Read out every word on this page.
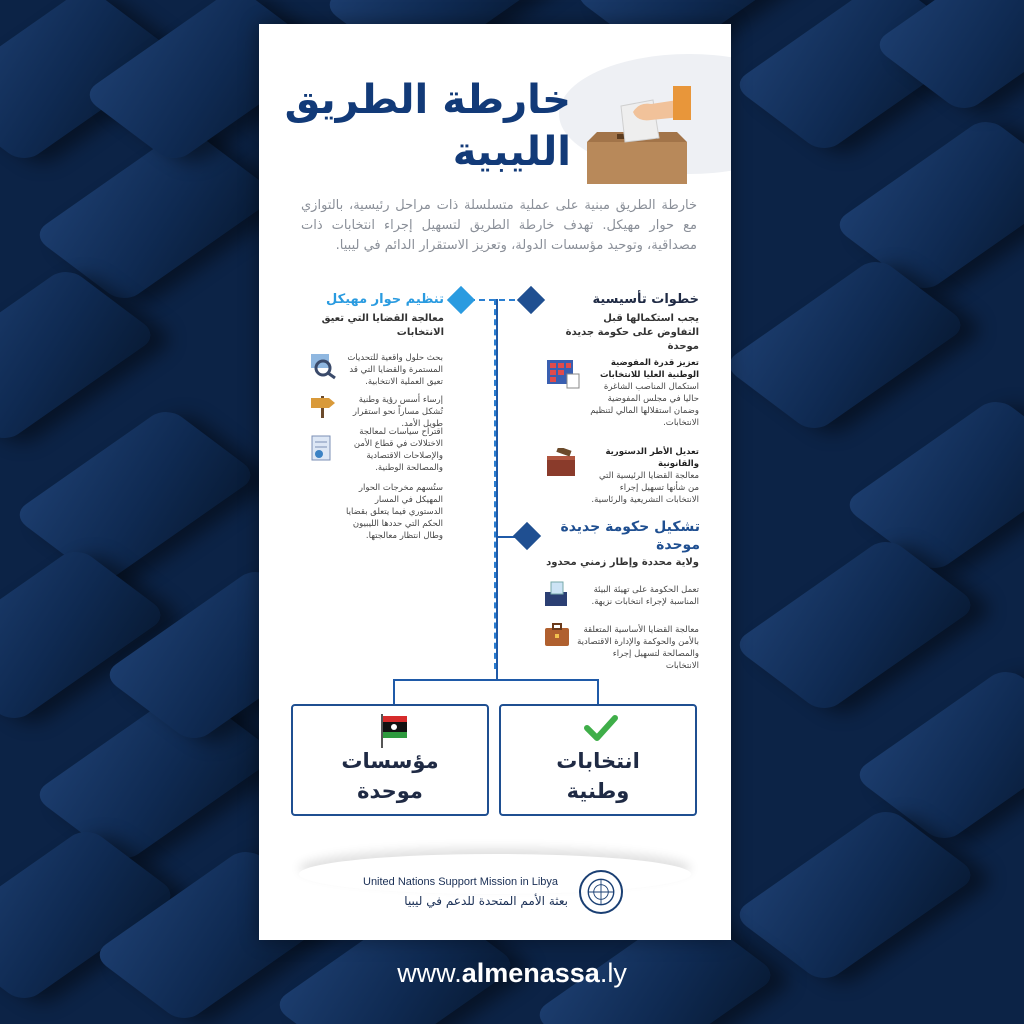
خارطة الطريق
الليبية
خارطة الطريق مبنية على عملية متسلسلة ذات مراحل رئيسية، بالتوازي مع حوار مهيكل. تهدف خارطة الطريق لتسهيل إجراء انتخابات ذات مصداقية، وتوحيد مؤسسات الدولة، وتعزيز الاستقرار الدائم في ليبيا.
خطوات تأسيسية
يجب استكمالها قبل التفاوض على حكومة جديدة موحدة
تعزيز قدرة المفوضية الوطنية العليا للانتخابات
استكمال المناصب الشاغرة حاليا في مجلس المفوضية وضمان استقلالها المالي لتنظيم الانتخابات.
تعديل الأطر الدستورية والقانونية
معالجة القضايا الرئيسية التي من شأنها تسهيل إجراء الانتخابات التشريعية والرئاسية.
تشكيل حكومة جديدة موحدة
ولاية محددة وإطار زمني محدود
تعمل الحكومة على تهيئة البيئة المناسبة لإجراء انتخابات نزيهة.
معالجة القضايا الأساسية المتعلقة بالأمن والحوكمة والإدارة الاقتصادية والمصالحة لتسهيل إجراء الانتخابات
تنظيم حوار مهيكل
معالجة القضايا التي تعيق الانتخابات
بحث حلول واقعية للتحديات المستمرة والقضايا التي قد تعيق العملية الانتخابية.
إرساء أسس رؤية وطنية تُشكل مساراً نحو استقرار طويل الأمد.
اقتراح سياسات لمعالجة الاختلالات في قطاع الأمن والإصلاحات الاقتصادية والمصالحة الوطنية.
ستُسهم مخرجات الحوار المهيكل في المسار الدستوري فيما يتعلق بقضايا الحكم التي حددها الليبيون وطال انتظار معالجتها.
مؤسسات
موحدة
انتخابات
وطنية
United Nations Support Mission in Libya
بعثة الأمم المتحدة للدعم في ليبيا
www.almenassa.ly
